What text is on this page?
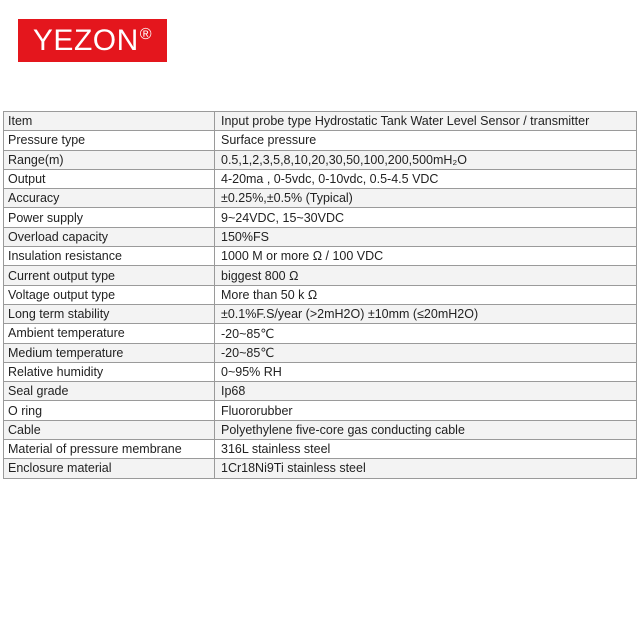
YEZON®
Item	Input probe type Hydrostatic Tank Water Level Sensor / transmitter
Pressure type	Surface pressure
Range(m)	0.5,1,2,3,5,8,10,20,30,50,100,200,500mH₂O
Output	4-20ma , 0-5vdc, 0-10vdc, 0.5-4.5 VDC
Accuracy	±0.25%,±0.5% (Typical)
Power supply	9~24VDC, 15~30VDC
Overload capacity	150%FS
Insulation resistance	1000 M or more Ω / 100 VDC
Current output type	biggest 800 Ω
Voltage output type	More than 50 k Ω
Long term stability	±0.1%F.S/year (>2mH2O) ±10mm (≤20mH2O)
Ambient temperature	-20~85℃
Medium temperature	-20~85℃
Relative humidity	0~95% RH
Seal grade	Ip68
O ring	Fluororubber
Cable	Polyethylene five-core gas conducting cable
Material of pressure membrane	316L stainless steel
Enclosure material	1Cr18Ni9Ti stainless steel
